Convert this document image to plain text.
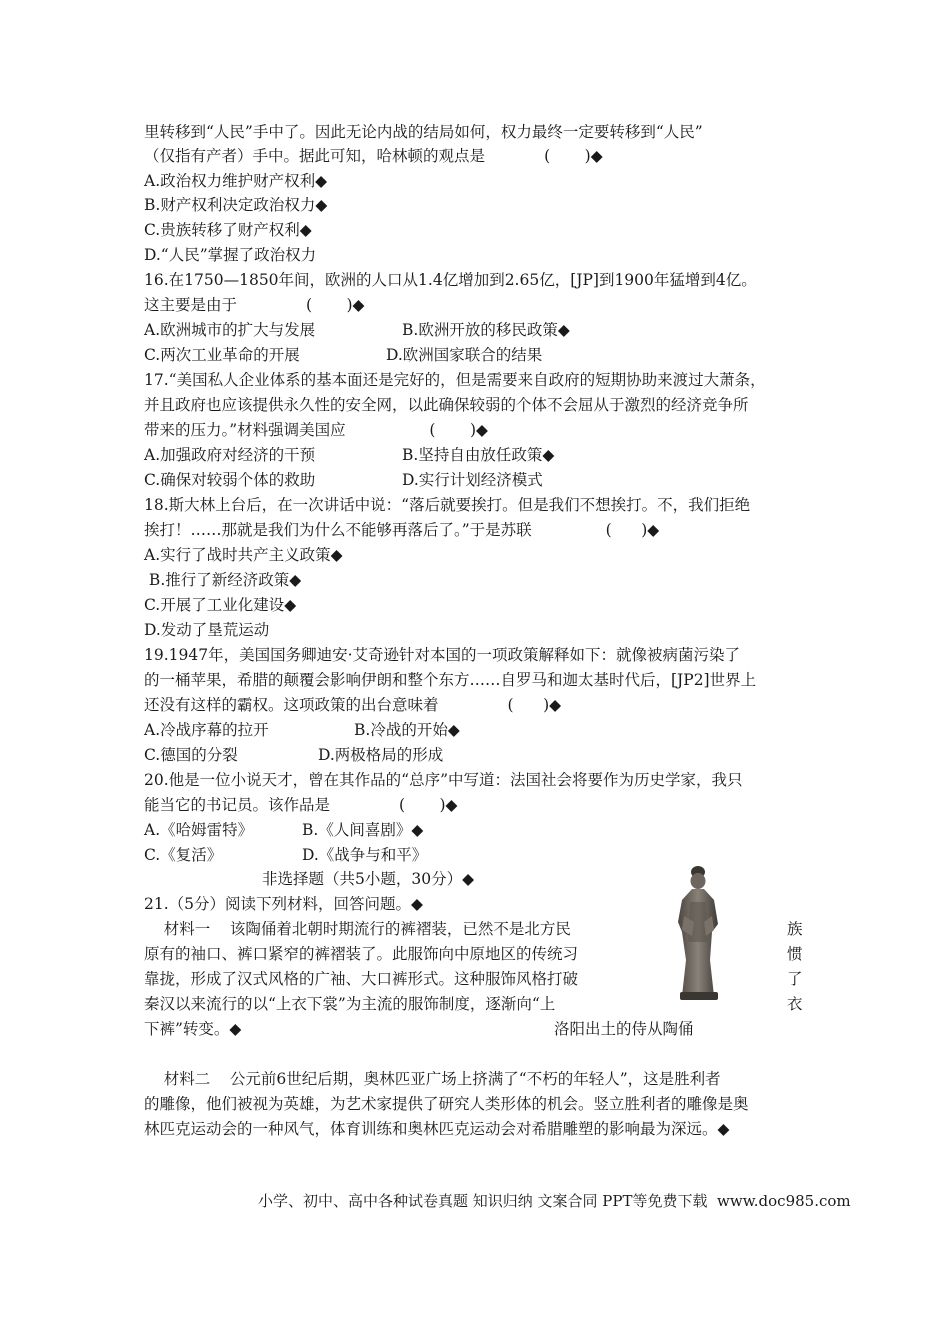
里转移到“人民”手中了。因此无论内战的结局如何，权力最终一定要转移到“人民”
（仅指有产者）手中。据此可知，哈林顿的观点是            (       )◆
A.政治权力维护财产权利◆
B.财产权利决定政治权力◆
C.贵族转移了财产权利◆
D.“人民”掌握了政治权力
16.在1750—1850年间，欧洲的人口从1.4亿增加到2.65亿，[JP]到1900年猛增到4亿。
这主要是由于              (       )◆
A.欧洲城市的扩大与发展	B.欧洲开放的移民政策◆
C.两次工业革命的开展	D.欧洲国家联合的结果
17.“美国私人企业体系的基本面还是完好的，但是需要来自政府的短期协助来渡过大萧条，
并且政府也应该提供永久性的安全网，以此确保较弱的个体不会屈从于激烈的经济竞争所
带来的压力。”材料强调美国应                 (       )◆
A.加强政府对经济的干预	B.坚持自由放任政策◆
C.确保对较弱个体的救助	D.实行计划经济模式
18.斯大林上台后，在一次讲话中说：“落后就要挨打。但是我们不想挨打。不，我们拒绝
挨打！……那就是我们为什么不能够再落后了。”于是苏联               (      )◆
A.实行了战时共产主义政策◆
B.推行了新经济政策◆
C.开展了工业化建设◆
D.发动了垦荒运动
19.1947年，美国国务卿迪安·艾奇逊针对本国的一项政策解释如下：就像被病菌污染了
的一桶苹果，希腊的颠覆会影响伊朗和整个东方……自罗马和迦太基时代后，[JP2]世界上
还没有这样的霸权。这项政策的出台意味着              (      )◆
A.冷战序幕的拉开	B.冷战的开始◆
C.德国的分裂	D.两极格局的形成
20.他是一位小说天才，曾在其作品的“总序”中写道：法国社会将要作为历史学家，我只
能当它的书记员。该作品是              (       )◆
A.《哈姆雷特》	B.《人间喜剧》◆
C.《复活》	D.《战争与和平》
非选择题（共5小题，30分）◆
21.（5分）阅读下列材料，回答问题。◆
材料一    该陶俑着北朝时期流行的裤褶装，已然不是北方民	族
原有的袖口、裤口紧窄的裤褶装了。此服饰向中原地区的传统习	惯
靠拢，形成了汉式风格的广袖、大口裤形式。这种服饰风格打破	了
秦汉以来流行的以“上衣下裳”为主流的服饰制度，逐渐向“上	衣
下裤”转变。◆	洛阳出土的侍从陶俑
材料二    公元前6世纪后期，奥林匹亚广场上挤满了“不朽的年轻人”，这是胜利者
的雕像，他们被视为英雄，为艺术家提供了研究人类形体的机会。竖立胜利者的雕像是奥
林匹克运动会的一种风气，体育训练和奥林匹克运动会对希腊雕塑的影响最为深远。◆
小学、初中、高中各种试卷真题 知识归纳 文案合同 PPT等免费下载  www.doc985.com
